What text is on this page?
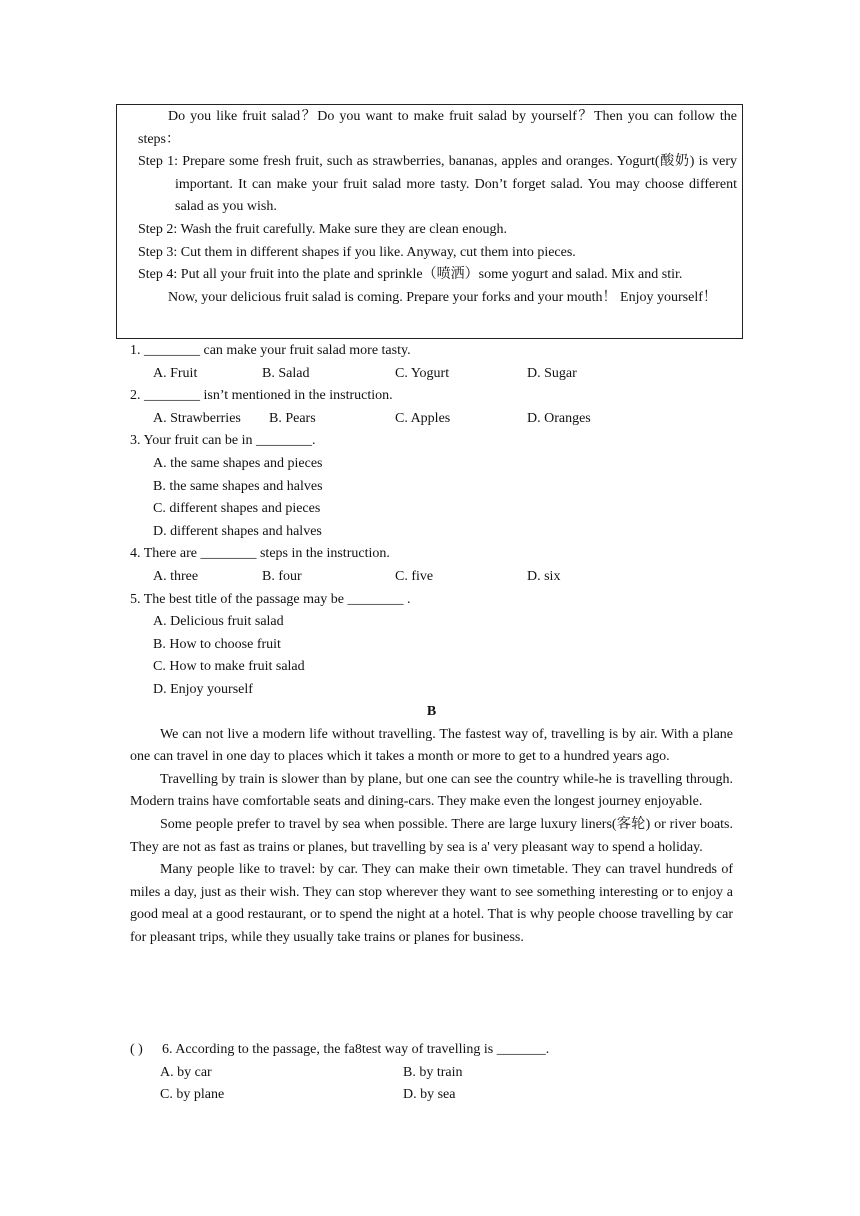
Do you like fruit salad？Do you want to make fruit salad by yourself？Then you can follow the steps：

Step 1: Prepare some fresh fruit, such as strawberries, bananas, apples and oranges. Yogurt(酸奶) is very important. It can make your fruit salad more tasty. Don’t forget salad. You may choose different salad as you wish.

Step 2: Wash the fruit carefully. Make sure they are clean enough.

Step 3: Cut them in different shapes if you like. Anyway, cut them into pieces.

Step 4: Put all your fruit into the plate and sprinkle（喷洒）some yogurt and salad. Mix and stir.

Now, your delicious fruit salad is coming. Prepare your forks and your mouth！ Enjoy yourself！

1. ________ can make your fruit salad more tasty.

A. Fruit	B. Salad	C. Yogurt	D. Sugar

2. ________ isn’t mentioned in the instruction.

A. Strawberries B. Pears	C. Apples	D. Oranges

3. Your fruit can be in ________.

A. the same shapes and pieces

B. the same shapes and halves

C. different shapes and pieces

D. different shapes and halves

4. There are ________ steps in the instruction.

A. three	B. four	C. five	D. six

5. The best title of the passage may be ________ .

A. Delicious fruit salad

B. How to choose fruit

C. How to make fruit salad

D. Enjoy yourself

B

We can not live a modern life without travelling. The fastest way of, travelling is by air. With a plane one can travel in one day to places which it takes a month or more to get to a hundred years ago.

Travelling by train is slower than by plane, but one can see the country while-he is travelling through. Modern trains have comfortable seats and dining-cars. They make even the longest journey enjoyable.

Some people prefer to travel by sea when possible. There are large luxury liners(客轮) or river boats. They are not as fast as trains or planes, but travelling by sea is a' very pleasant way to spend a holiday.

Many people like to travel: by car. They can make their own timetable. They can travel hundreds of miles a day, just as their wish. They can stop wherever they want to see something interesting or to enjoy a good meal at a good restaurant, or to spend the night at a hotel. That is why people choose travelling by car for pleasant trips, while they usually take trains or planes for business.

( ) 6. According to the passage, the fa8test way of travelling is _______.

A. by car	B. by train
C. by plane	D. by sea
